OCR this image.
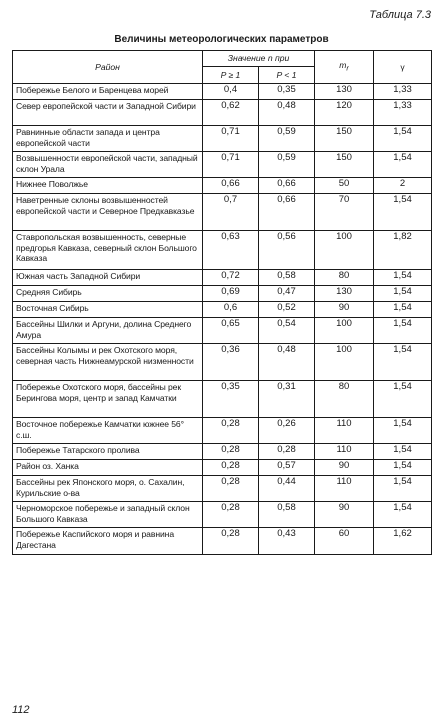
Таблица 7.3
Величины метеорологических параметров
Район	Значение n при		$m_r$	γ
	P ≥ 1	P < 1		
Побережье Белого и Баренцева морей	0,4	0,35	130	1,33
Север европейской части и Западной Сибири	0,62	0,48	120	1,33
Равнинные области запада и центра европейской части	0,71	0,59	150	1,54
Возвышенности европейской части, западный склон Урала	0,71	0,59	150	1,54
Нижнее Поволжье	0,66	0,66	50	2
Наветренные склоны возвышенностей европейской части и Северное Предкавказье	0,7	0,66	70	1,54
Ставропольская возвышенность, северные предгорья Кавказа, северный склон Большого Кавказа	0,63	0,56	100	1,82
Южная часть Западной Сибири	0,72	0,58	80	1,54
Средняя Сибирь	0,69	0,47	130	1,54
Восточная Сибирь	0,6	0,52	90	1,54
Бассейны Шилки и Аргуни, долина Среднего Амура	0,65	0,54	100	1,54
Бассейны Колымы и рек Охотского моря, северная часть Нижнеамурской низменности	0,36	0,48	100	1,54
Побережье Охотского моря, бассейны рек Берингова моря, центр и запад Камчатки	0,35	0,31	80	1,54
Восточное побережье Камчатки южнее 56° с.ш.	0,28	0,26	110	1,54
Побережье Татарского пролива	0,28	0,28	110	1,54
Район оз. Ханка	0,28	0,57	90	1,54
Бассейны рек Японского моря, о. Сахалин, Курильские о-ва	0,28	0,44	110	1,54
Черноморское побережье и западный склон Большого Кавказа	0,28	0,58	90	1,54
Побережье Каспийского моря и равнина Дагестана	0,28	0,43	60	1,62
112
